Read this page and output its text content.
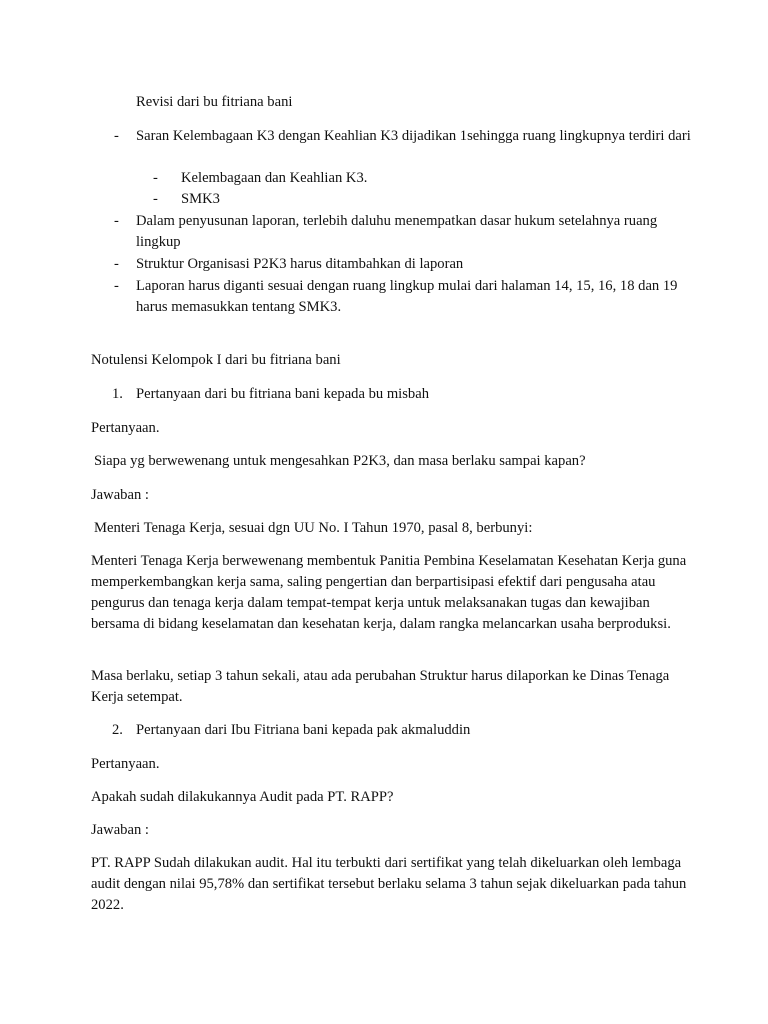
Revisi dari bu fitriana bani

- Saran Kelembagaan K3 dengan Keahlian K3 dijadikan 1sehingga ruang lingkupnya terdiri dari
- Kelembagaan dan Keahlian K3.
- SMK3
- Dalam penyusunan laporan, terlebih daluhu menempatkan dasar hukum setelahnya ruang lingkup
- Struktur Organisasi P2K3 harus ditambahkan di laporan
- Laporan harus diganti sesuai dengan ruang lingkup mulai dari halaman 14, 15, 16, 18 dan 19 harus memasukkan tentang SMK3.

Notulensi Kelompok I dari bu fitriana bani

1. Pertanyaan dari bu fitriana bani kepada bu misbah

Pertanyaan.

Siapa yg berwewenang untuk mengesahkan P2K3, dan masa berlaku sampai kapan?

Jawaban :

Menteri Tenaga Kerja, sesuai dgn UU No. I Tahun 1970, pasal 8, berbunyi:

Menteri Tenaga Kerja berwewenang membentuk Panitia Pembina Keselamatan Kesehatan Kerja guna memperkembangkan kerja sama, saling pengertian dan berpartisipasi efektif dari pengusaha atau pengurus dan tenaga kerja dalam tempat-tempat kerja untuk melaksanakan tugas dan kewajiban bersama di bidang keselamatan dan kesehatan kerja, dalam rangka melancarkan usaha berproduksi.

Masa berlaku, setiap 3 tahun sekali, atau ada perubahan Struktur harus dilaporkan ke Dinas Tenaga Kerja setempat.

2. Pertanyaan dari Ibu Fitriana bani kepada pak akmaluddin

Pertanyaan.

Apakah sudah dilakukannya Audit pada PT. RAPP?

Jawaban :

PT. RAPP Sudah dilakukan audit. Hal itu terbukti dari sertifikat yang telah dikeluarkan oleh lembaga audit dengan nilai 95,78% dan sertifikat tersebut berlaku selama 3 tahun sejak dikeluarkan pada tahun 2022.
